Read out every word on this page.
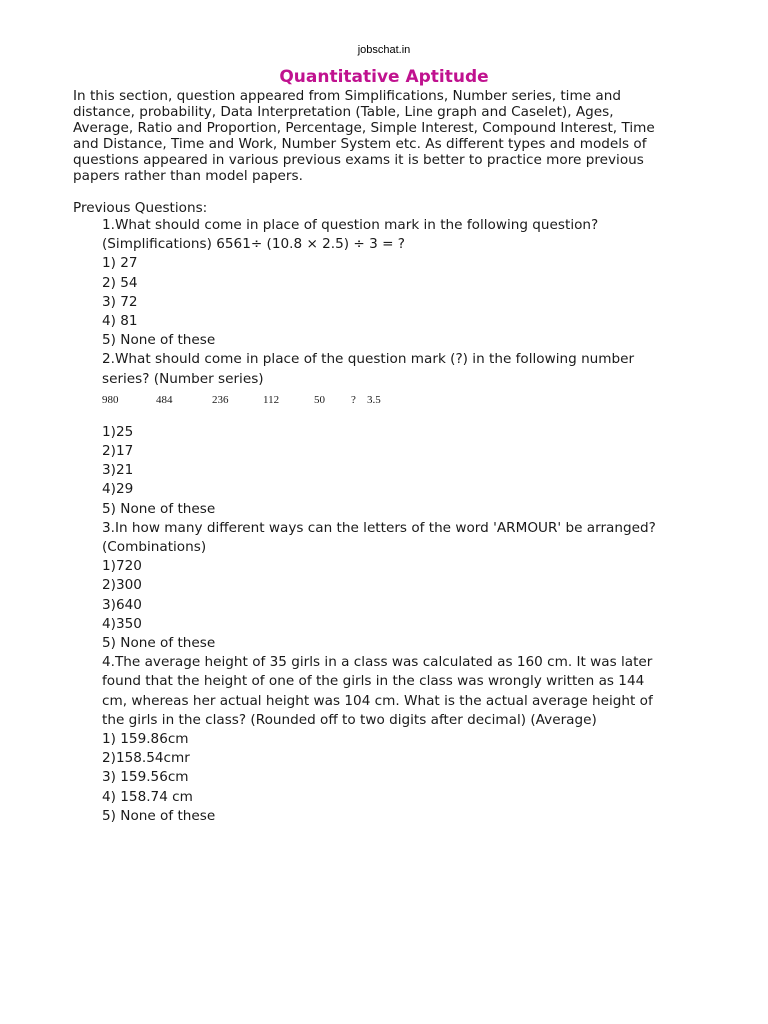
jobschat.in
Quantitative Aptitude
In this section, question appeared from Simplifications, Number series, time and
distance, probability, Data Interpretation (Table, Line graph and Caselet), Ages,
Average, Ratio and Proportion, Percentage, Simple Interest, Compound Interest, Time
and Distance, Time and Work, Number System etc. As different types and models of
questions appeared in various previous exams it is better to practice more previous
papers rather than model papers.
Previous Questions:
1.What should come in place of question mark in the following question?
(Simplifications) 6561÷ (10.8 × 2.5) ÷ 3 = ?
1) 27
2) 54
3) 72
4) 81
5) None of these
2.What should come in place of the question mark (?) in the following number
series? (Number series)
980	484	236	112	50 ? 3.5
1)25
2)17
3)21
4)29
5) None of these
3.In how many different ways can the letters of the word 'ARMOUR' be arranged?
(Combinations)
1)720
2)300
3)640
4)350
5) None of these
4.The average height of 35 girls in a class was calculated as 160 cm. It was later
found that the height of one of the girls in the class was wrongly written as 144
cm, whereas her actual height was 104 cm. What is the actual average height of
the girls in the class? (Rounded off to two digits after decimal) (Average)
1) 159.86cm
2)158.54cmr
3) 159.56cm
4) 158.74 cm
5) None of these
